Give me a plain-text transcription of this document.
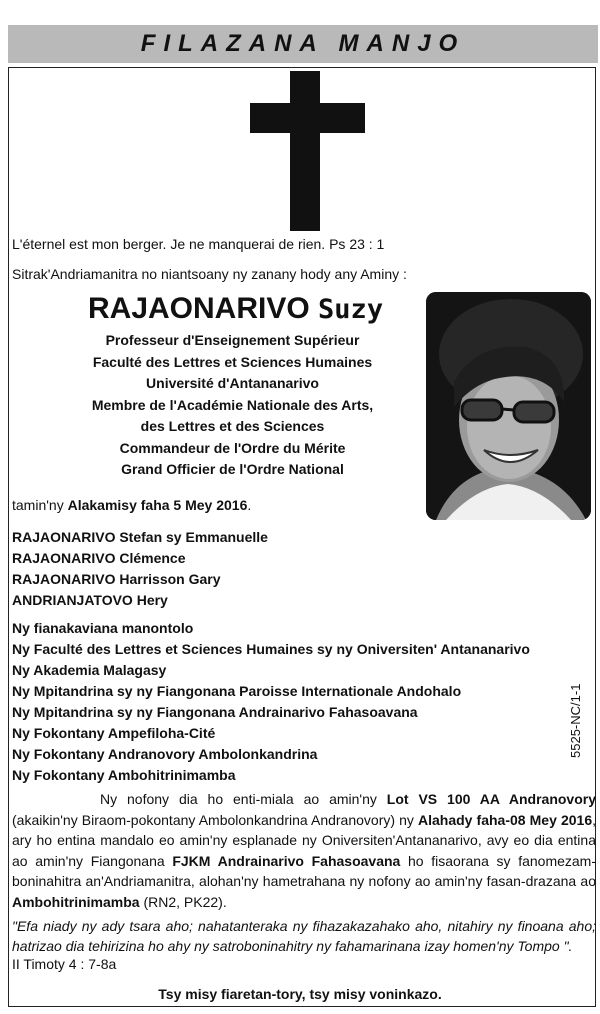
FILAZANA MANJO
L'éternel est mon berger. Je ne manquerai de rien. Ps 23 : 1
Sitrak'Andriamanitra no niantsoany ny zanany hody any Aminy :
RAJAONARIVO Suzy
Professeur d'Enseignement Supérieur
Faculté des Lettres et Sciences Humaines
Université d'Antananarivo
Membre de l'Académie Nationale des Arts,
des Lettres et des Sciences
Commandeur de l'Ordre du Mérite
Grand Officier de l'Ordre National
tamin'ny Alakamisy faha 5 Mey 2016.
RAJAONARIVO Stefan sy Emmanuelle
RAJAONARIVO Clémence
RAJAONARIVO Harrisson Gary
ANDRIANJATOVO Hery
Ny fianakaviana manontolo
Ny Faculté des Lettres et Sciences Humaines sy ny Oniversiten' Antananarivo
Ny Akademia Malagasy
Ny Mpitandrina sy ny Fiangonana Paroisse Internationale Andohalo
Ny Mpitandrina sy ny Fiangonana Andrainarivo Fahasoavana
Ny Fokontany Ampefiloha-Cité
Ny Fokontany Andranovory Ambolonkandrina
Ny Fokontany Ambohitrinimamba
5525-NC/1-1
Ny nofony dia ho enti-miala ao amin'ny Lot VS 100 AA Andranovory (akaikin'ny Biraom-pokontany Ambolonkandrina Andranovory) ny Alahady faha-08 Mey 2016, ary ho entina mandalo eo amin'ny esplanade ny Oniversiten'Antananarivo, avy eo dia entina ao amin'ny Fiangonana FJKM Andrainarivo Fahasoavana ho fisaorana sy fanomezam-boninahitra an'Andriamanitra, alohan'ny hametrahana ny nofony ao amin'ny fasan-drazana ao Ambohitrinimamba (RN2, PK22).
"Efa niady ny ady tsara aho; nahatanteraka ny fihazakazahako aho, nitahiry ny finoana aho; hatrizao dia tehirizina ho ahy ny satroboninahitry ny fahamarinana izay homen'ny Tompo ".
II Timoty 4 : 7-8a
Tsy misy fiaretan-tory, tsy misy voninkazo.
